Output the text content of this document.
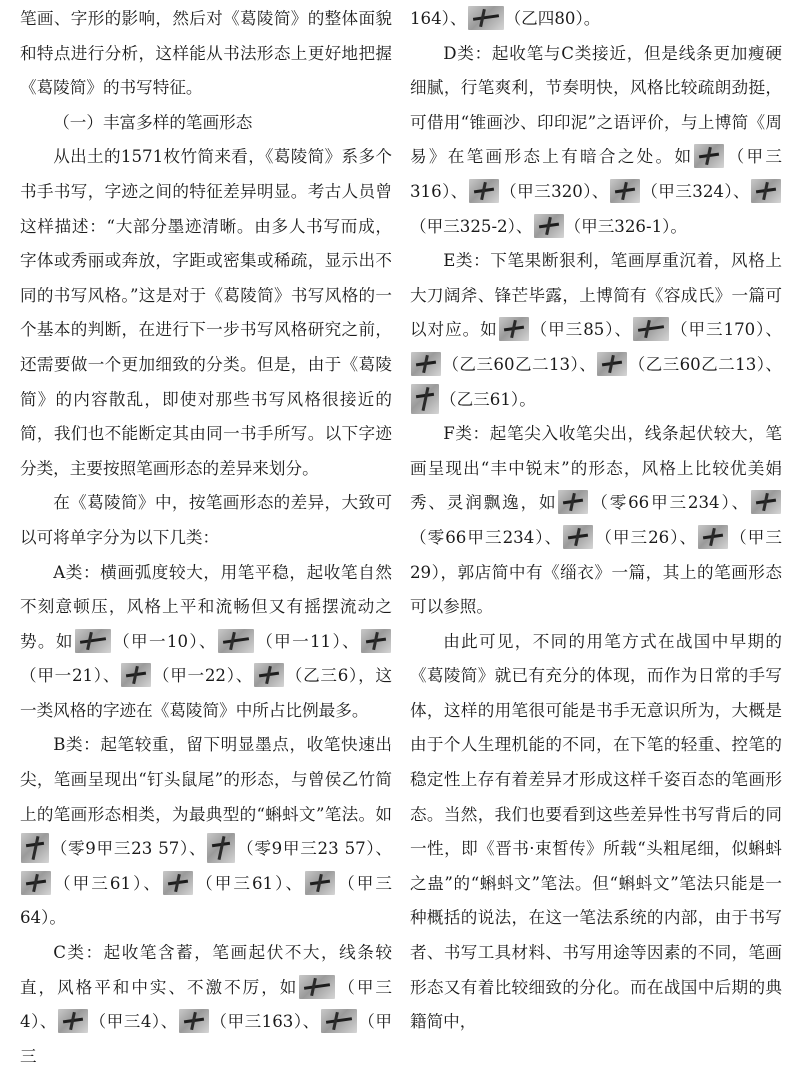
笔画、字形的影响，然后对《葛陵简》的整体面貌和特点进行分析，这样能从书法形态上更好地把握《葛陵简》的书写特征。

（一）丰富多样的笔画形态

从出土的1571枚竹简来看，《葛陵简》系多个书手书写，字迹之间的特征差异明显。考古人员曾这样描述：“大部分墨迹清晰。由多人书写而成，字体或秀丽或奔放，字距或密集或稀疏，显示出不同的书写风格。”这是对于《葛陵简》书写风格的一个基本的判断，在进行下一步书写风格研究之前，还需要做一个更加细致的分类。但是，由于《葛陵简》的内容散乱，即使对那些书写风格很接近的简，我们也不能断定其由同一书手所写。以下字迹分类，主要按照笔画形态的差异来划分。

在《葛陵简》中，按笔画形态的差异，大致可以可将单字分为以下几类：

A类：横画弧度较大，用笔平稳，起收笔自然不刻意顿压，风格上平和流畅但又有摇摆流动之势。如 （甲一10）、 （甲一11）、（甲一21）、 （甲一22）、 （乙三6），这一类风格的字迹在《葛陵简》中所占比例最多。

B类：起笔较重，留下明显墨点，收笔快速出尖，笔画呈现出“钉头鼠尾”的形态，与曾侯乙竹简上的笔画形态相类，为最典型的“蝌蚪文”笔法。如（零9甲三23 57）、 （零9甲三23 57）、（甲三61）、 （甲三61）、 （甲三64）。

C类：起收笔含蓄，笔画起伏不大，线条较直，风格平和中实、不激不厉，如 （甲三4）、 （甲三4）、 （甲三163）、 （甲三

164）、 （乙四80）。

D类：起收笔与C类接近，但是线条更加瘦硬细腻，行笔爽利，节奏明快，风格比较疏朗劲挺，可借用“锥画沙、印印泥”之语评价，与上博简《周易》在笔画形态上有暗合之处。如 （甲三316）、 （甲三320）、 （甲三324）、（甲三325-2）、 （甲三326-1）。

E类：下笔果断狠利，笔画厚重沉着，风格上大刀阔斧、锋芒毕露，上博简有《容成氏》一篇可以对应。如 （甲三85）、 （甲三170）、（乙三60乙二13）、 （乙三60乙二13）、（乙三61）。

F类：起笔尖入收笔尖出，线条起伏较大，笔画呈现出“丰中锐末”的形态，风格上比较优美娟秀、灵润飘逸，如 （零66甲三234）、（零66甲三234）、 （甲三26）、 （甲三29），郭店简中有《缁衣》一篇，其上的笔画形态可以参照。

由此可见，不同的用笔方式在战国中早期的《葛陵简》就已有充分的体现，而作为日常的手写体，这样的用笔很可能是书手无意识所为，大概是由于个人生理机能的不同，在下笔的轻重、控笔的稳定性上存有着差异才形成这样千姿百态的笔画形态。当然，我们也要看到这些差异性书写背后的同一性，即《晋书·束皙传》所载“头粗尾细，似蝌蚪之蛊”的“蝌蚪文”笔法。但“蝌蚪文”笔法只能是一种概括的说法，在这一笔法系统的内部，由于书写者、书写工具材料、书写用途等因素的不同，笔画形态又有着比较细致的分化。而在战国中后期的典籍简中，
